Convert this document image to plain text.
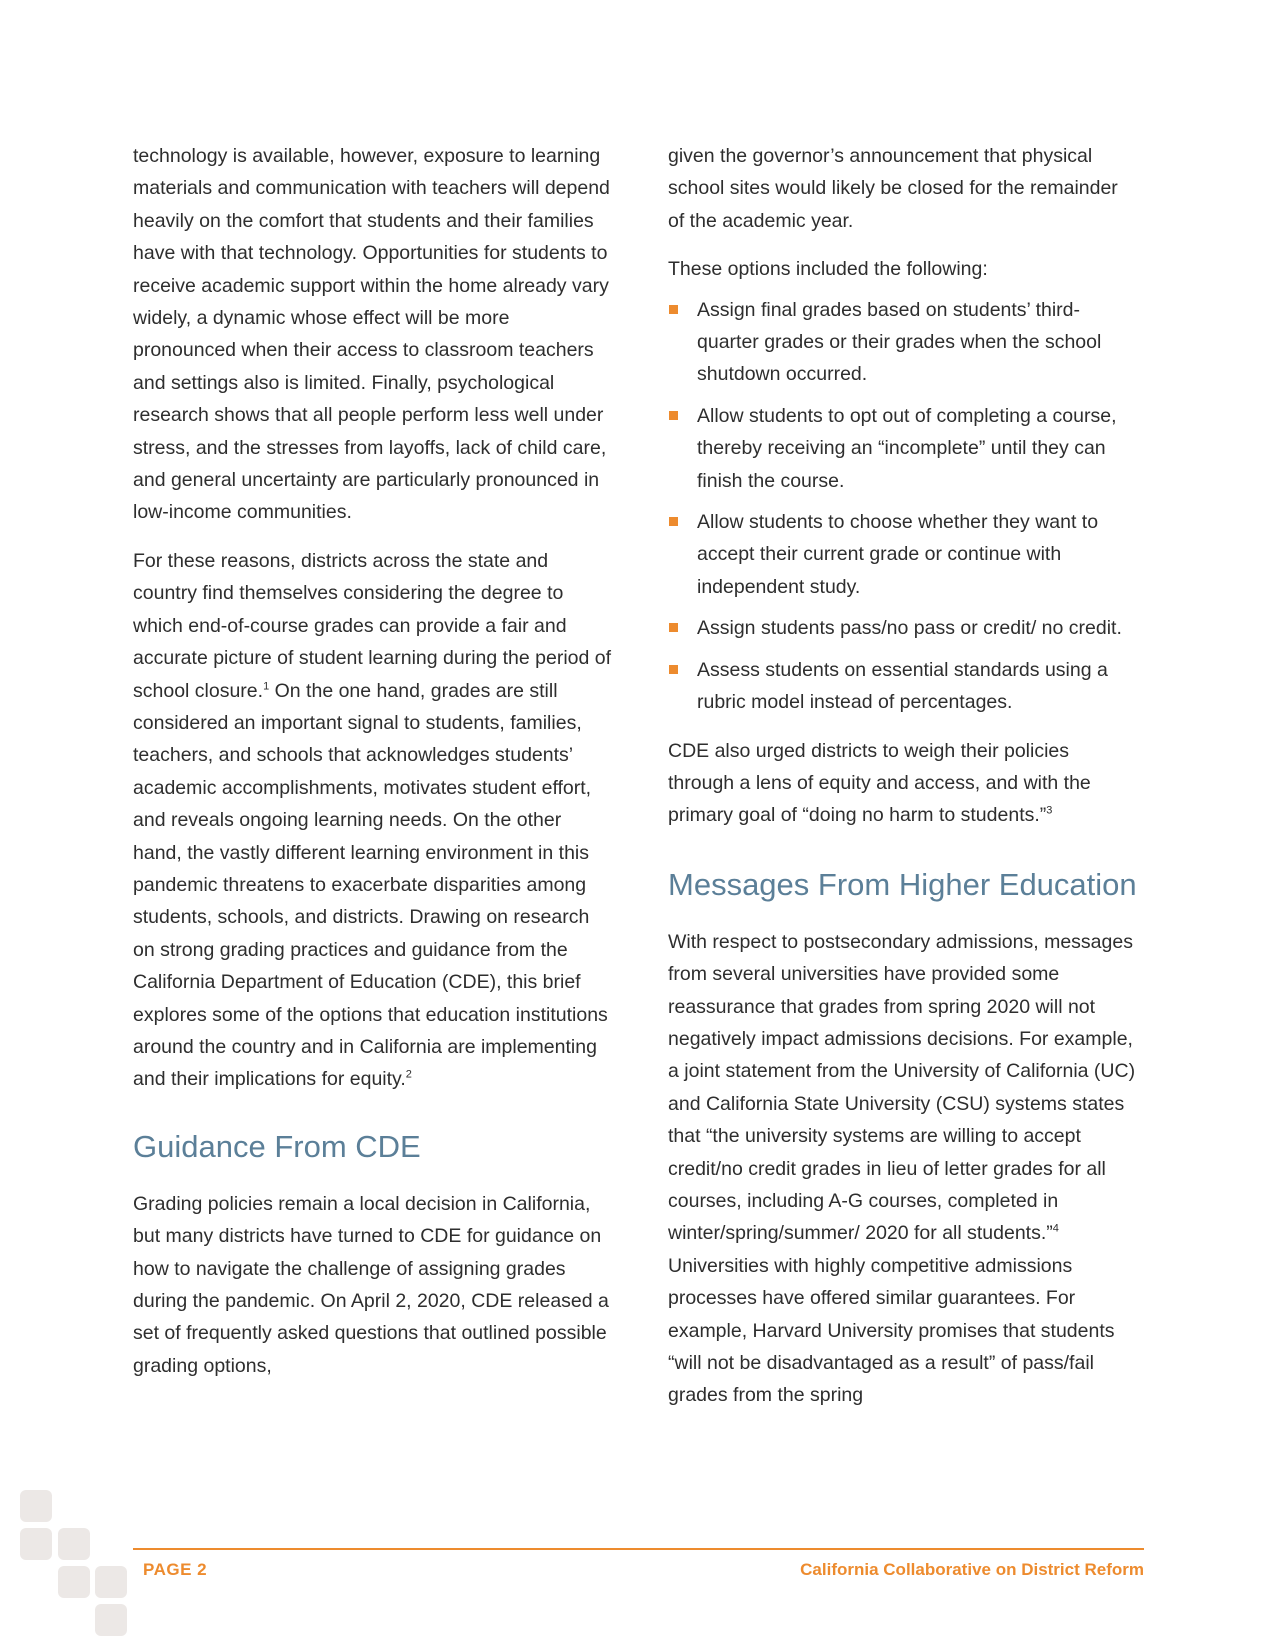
technology is available, however, exposure to learning materials and communication with teachers will depend heavily on the comfort that students and their families have with that technology. Opportunities for students to receive academic support within the home already vary widely, a dynamic whose effect will be more pronounced when their access to classroom teachers and settings also is limited. Finally, psychological research shows that all people perform less well under stress, and the stresses from layoffs, lack of child care, and general uncertainty are particularly pronounced in low-income communities.

For these reasons, districts across the state and country find themselves considering the degree to which end-of-course grades can provide a fair and accurate picture of student learning during the period of school closure.$^1$ On the one hand, grades are still considered an important signal to students, families, teachers, and schools that acknowledges students’ academic accomplishments, motivates student effort, and reveals ongoing learning needs. On the other hand, the vastly different learning environment in this pandemic threatens to exacerbate disparities among students, schools, and districts. Drawing on research on strong grading practices and guidance from the California Department of Education (CDE), this brief explores some of the options that education institutions around the country and in California are implementing and their implications for equity.$^2$

Guidance From CDE

Grading policies remain a local decision in California, but many districts have turned to CDE for guidance on how to navigate the challenge of assigning grades during the pandemic. On April 2, 2020, CDE released a set of frequently asked questions that outlined possible grading options,

given the governor’s announcement that physical school sites would likely be closed for the remainder of the academic year.

These options included the following:

Assign final grades based on students’ third-quarter grades or their grades when the school shutdown occurred.
Allow students to opt out of completing a course, thereby receiving an “incomplete” until they can finish the course.
Allow students to choose whether they want to accept their current grade or continue with independent study.
Assign students pass/no pass or credit/ no credit.
Assess students on essential standards using a rubric model instead of percentages.

CDE also urged districts to weigh their policies through a lens of equity and access, and with the primary goal of “doing no harm to students.”$^3$

Messages From Higher Education

With respect to postsecondary admissions, messages from several universities have provided some reassurance that grades from spring 2020 will not negatively impact admissions decisions. For example, a joint statement from the University of California (UC) and California State University (CSU) systems states that “the university systems are willing to accept credit/no credit grades in lieu of letter grades for all courses, including A-G courses, completed in winter/spring/summer/ 2020 for all students.”$^4$ Universities with highly competitive admissions processes have offered similar guarantees. For example, Harvard University promises that students “will not be disadvantaged as a result” of pass/fail grades from the spring

PAGE 2	California Collaborative on District Reform
